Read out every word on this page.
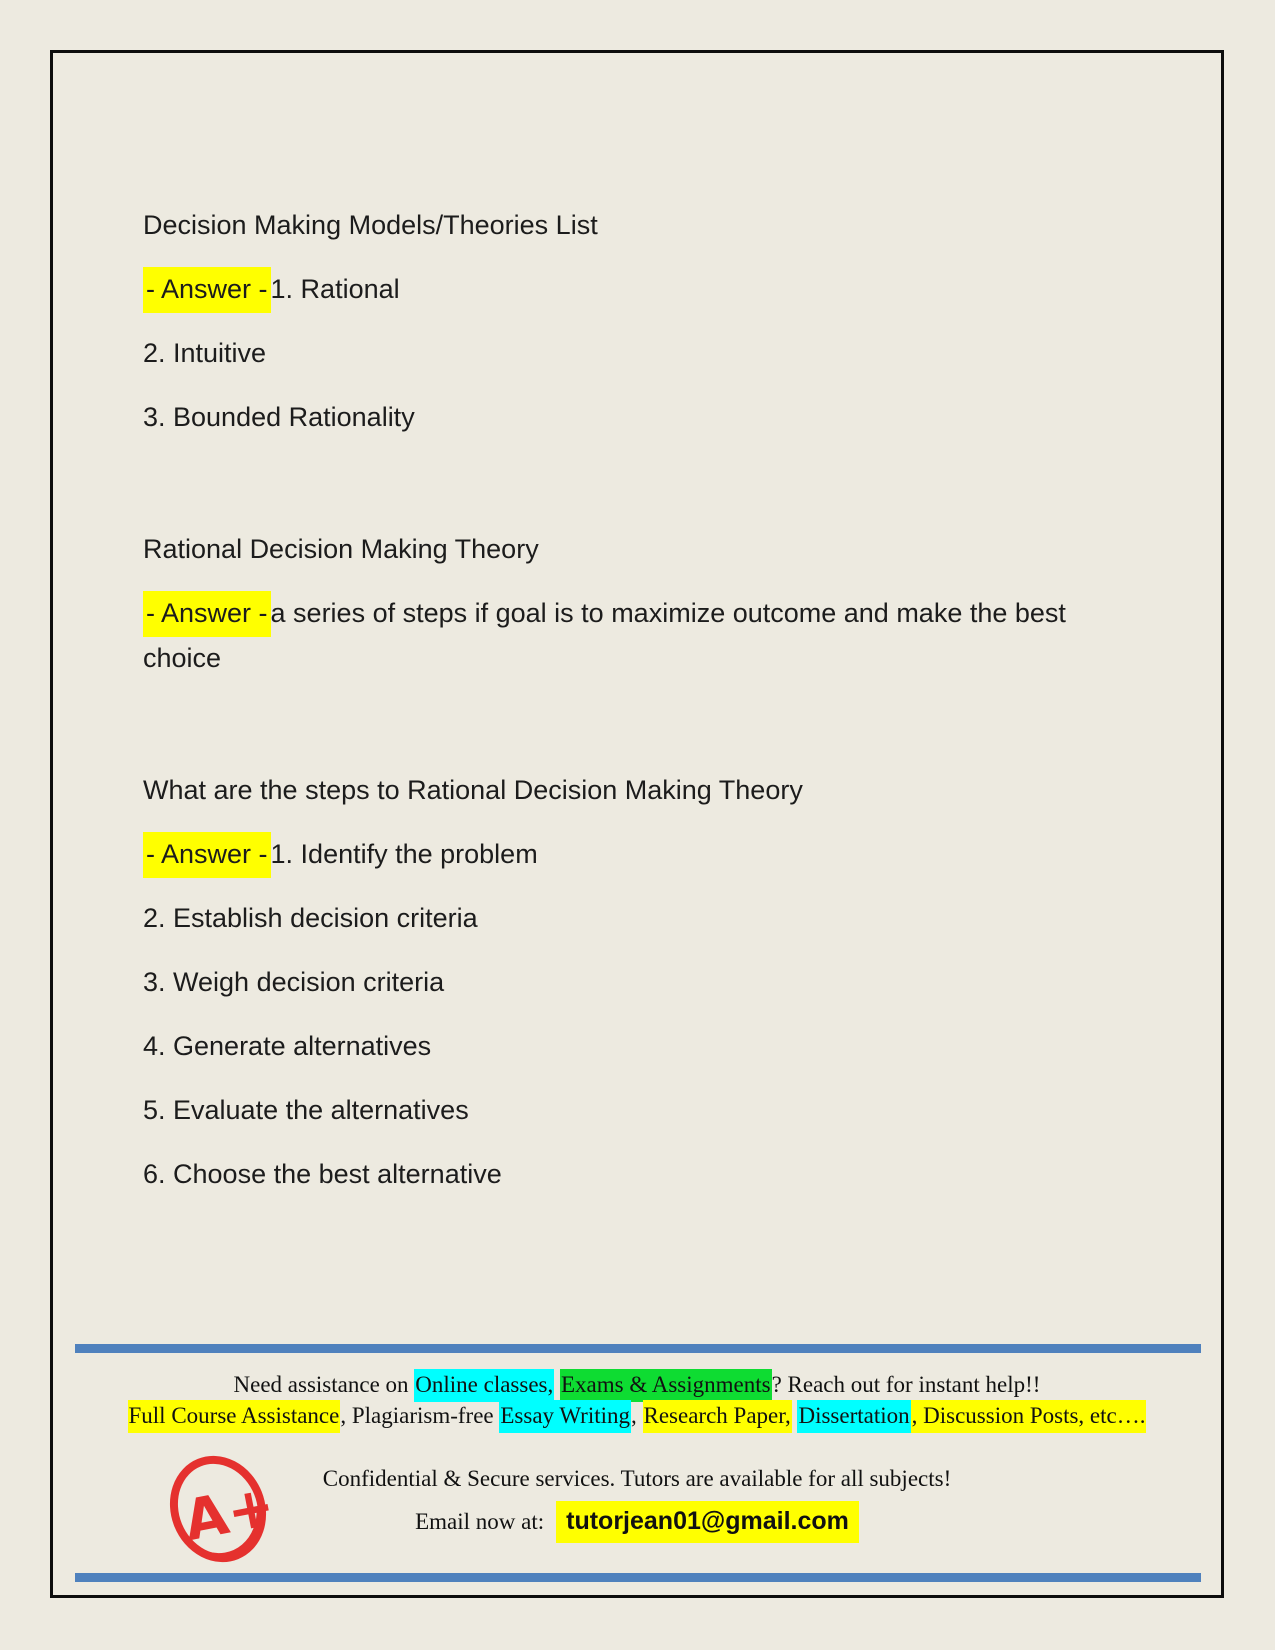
Decision Making Models/Theories List

- Answer - 1. Rational

2. Intuitive

3. Bounded Rationality

Rational Decision Making Theory

- Answer - a series of steps if goal is to maximize outcome and make the best choice

What are the steps to Rational Decision Making Theory

- Answer - 1. Identify the problem

2. Establish decision criteria

3. Weigh decision criteria

4. Generate alternatives

5. Evaluate the alternatives

6. Choose the best alternative

A+

Need assistance on Online classes, Exams & Assignments? Reach out for instant help!!

Full Course Assistance, Plagiarism-free Essay Writing, Research Paper, Dissertation, Discussion Posts, etc….

Confidential & Secure services. Tutors are available for all subjects!

Email now at: tutorjean01@gmail.com
